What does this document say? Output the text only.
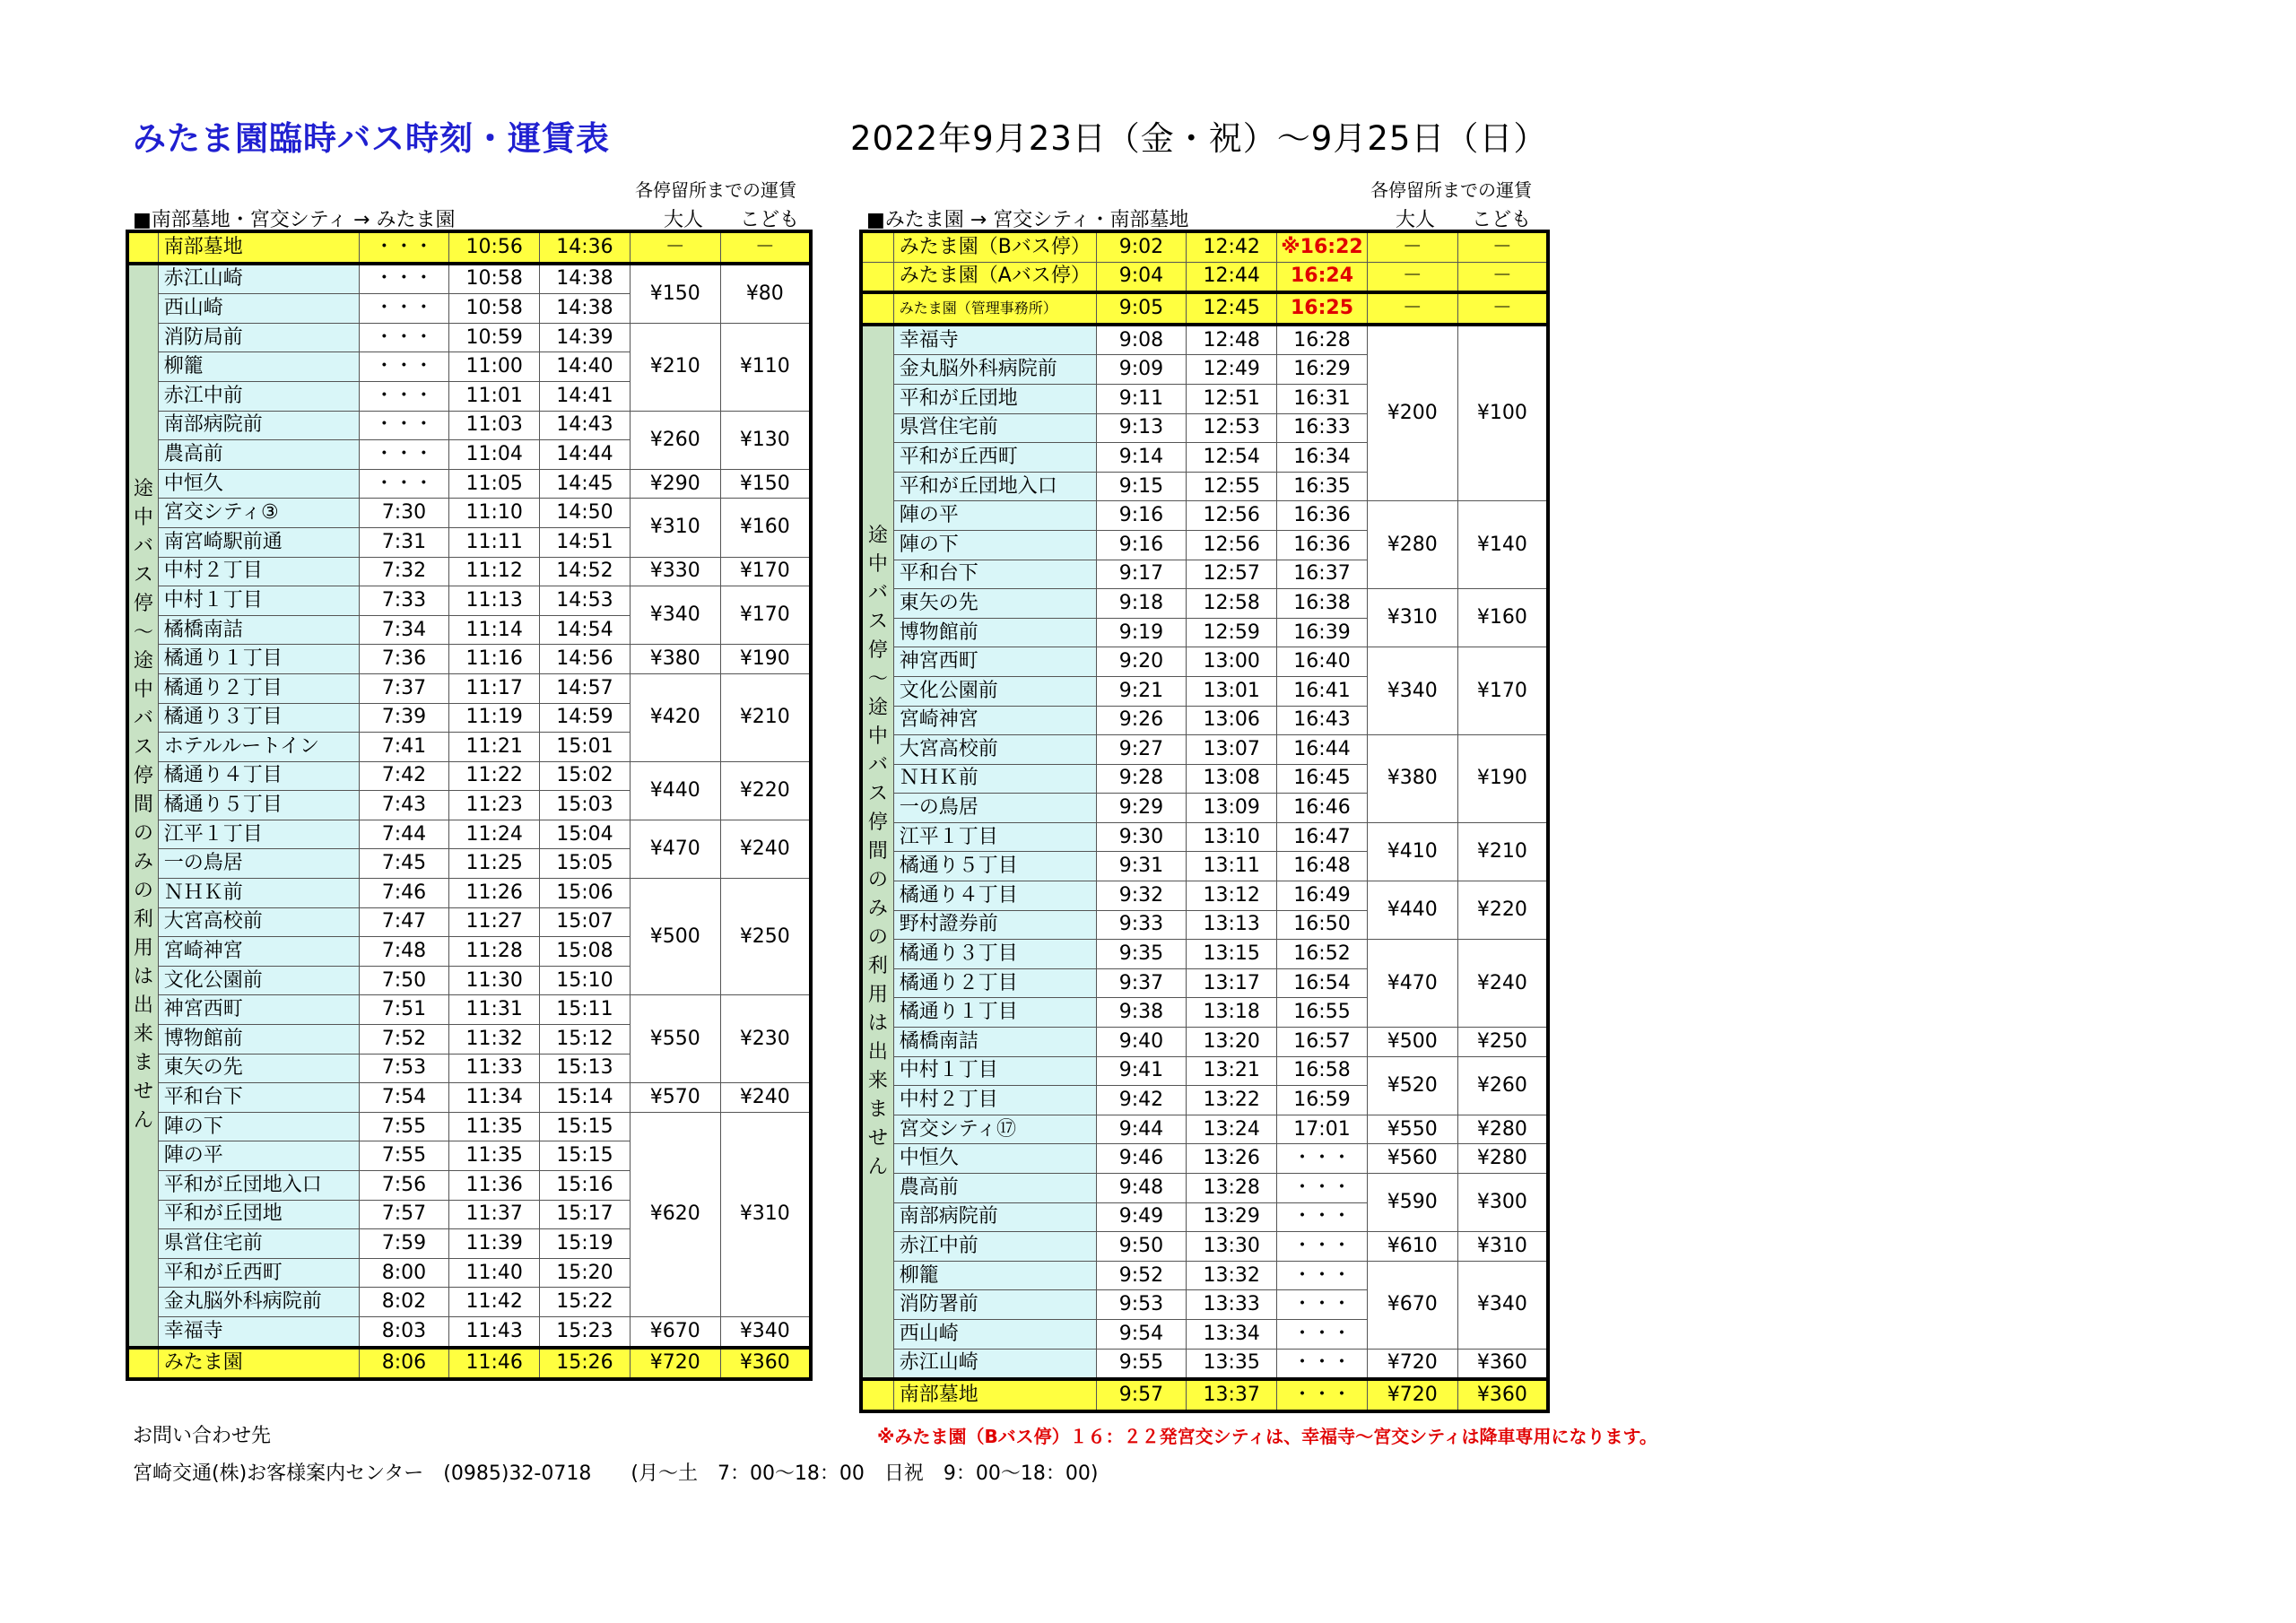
みたま園臨時バス時刻・運賃表	2022年9月23日（金・祝）～9月25日（日）
各停留所までの運賃
■南部墓地・宮交シティ → みたま園	大人	こども
	南部墓地	・・・	10:56	14:36	－	－

途中バス停～途中バス停間のみの利用は出来ません	赤江山崎	・・・	10:58	14:38	¥150	¥80
	西山崎	・・・	10:58	14:38		
	消防局前	・・・	10:59	14:39	¥210	¥110
	柳籠	・・・	11:00	14:40		
	赤江中前	・・・	11:01	14:41		
	南部病院前	・・・	11:03	14:43	¥260	¥130
	農高前	・・・	11:04	14:44		
	中恒久	・・・	11:05	14:45	¥290	¥150
	宮交シティ③	7:30	11:10	14:50	¥310	¥160
	南宮崎駅前通	7:31	11:11	14:51		
	中村２丁目	7:32	11:12	14:52	¥330	¥170
	中村１丁目	7:33	11:13	14:53	¥340	¥170
	橘橋南詰	7:34	11:14	14:54		
	橘通り１丁目	7:36	11:16	14:56	¥380	¥190
	橘通り２丁目	7:37	11:17	14:57	¥420	¥210
	橘通り３丁目	7:39	11:19	14:59		
	ホテルルートイン	7:41	11:21	15:01		
	橘通り４丁目	7:42	11:22	15:02	¥440	¥220
	橘通り５丁目	7:43	11:23	15:03		
	江平１丁目	7:44	11:24	15:04	¥470	¥240
	一の鳥居	7:45	11:25	15:05		
	ＮＨＫ前	7:46	11:26	15:06	¥500	¥250
	大宮高校前	7:47	11:27	15:07		
	宮崎神宮	7:48	11:28	15:08		
	文化公園前	7:50	11:30	15:10		
	神宮西町	7:51	11:31	15:11	¥550	¥230
	博物館前	7:52	11:32	15:12		
	東矢の先	7:53	11:33	15:13		
	平和台下	7:54	11:34	15:14	¥570	¥240
	陣の下	7:55	11:35	15:15	¥620	¥310
	陣の平	7:55	11:35	15:15		
	平和が丘団地入口	7:56	11:36	15:16		
	平和が丘団地	7:57	11:37	15:17		
	県営住宅前	7:59	11:39	15:19		
	平和が丘西町	8:00	11:40	15:20		
	金丸脳外科病院前	8:02	11:42	15:22		
	幸福寺	8:03	11:43	15:23	¥670	¥340
	みたま園	8:06	11:46	15:26	¥720	¥360
各停留所までの運賃
■みたま園 → 宮交シティ・南部墓地	大人	こども
	みたま園（Bバス停）	9:02	12:42	※16:22	－	－
	みたま園（Aバス停）	9:04	12:44	16:24	－	－
	みたま園（管理事務所）	9:05	12:45	16:25	－	－

途中バス停～途中バス停間のみの利用は出来ません	幸福寺	9:08	12:48	16:28	¥200	¥100
	金丸脳外科病院前	9:09	12:49	16:29		
	平和が丘団地	9:11	12:51	16:31		
	県営住宅前	9:13	12:53	16:33		
	平和が丘西町	9:14	12:54	16:34		
	平和が丘団地入口	9:15	12:55	16:35		
	陣の平	9:16	12:56	16:36	¥280	¥140
	陣の下	9:16	12:56	16:36		
	平和台下	9:17	12:57	16:37		
	東矢の先	9:18	12:58	16:38	¥310	¥160
	博物館前	9:19	12:59	16:39		
	神宮西町	9:20	13:00	16:40	¥340	¥170
	文化公園前	9:21	13:01	16:41		
	宮崎神宮	9:26	13:06	16:43		
	大宮高校前	9:27	13:07	16:44	¥380	¥190
	ＮＨＫ前	9:28	13:08	16:45		
	一の鳥居	9:29	13:09	16:46		
	江平１丁目	9:30	13:10	16:47	¥410	¥210
	橘通り５丁目	9:31	13:11	16:48		
	橘通り４丁目	9:32	13:12	16:49	¥440	¥220
	野村證券前	9:33	13:13	16:50		
	橘通り３丁目	9:35	13:15	16:52	¥470	¥240
	橘通り２丁目	9:37	13:17	16:54		
	橘通り１丁目	9:38	13:18	16:55		
	橘橋南詰	9:40	13:20	16:57	¥500	¥250
	中村１丁目	9:41	13:21	16:58	¥520	¥260
	中村２丁目	9:42	13:22	16:59		
	宮交シティ⑰	9:44	13:24	17:01	¥550	¥280
	中恒久	9:46	13:26	・・・	¥560	¥280
	農高前	9:48	13:28	・・・	¥590	¥300
	南部病院前	9:49	13:29	・・・		
	赤江中前	9:50	13:30	・・・	¥610	¥310
	柳籠	9:52	13:32	・・・	¥670	¥340
	消防署前	9:53	13:33	・・・		
	西山崎	9:54	13:34	・・・		
	赤江山崎	9:55	13:35	・・・	¥720	¥360
	南部墓地	9:57	13:37	・・・	¥720	¥360
お問い合わせ先
宮崎交通(株)お客様案内センター　(0985)32-0718　　(月～土　7：00～18：00　日祝　9：00～18：00)
※みたま園（Bバス停）１６：２２発宮交シティは、幸福寺～宮交シティは降車専用になります。
